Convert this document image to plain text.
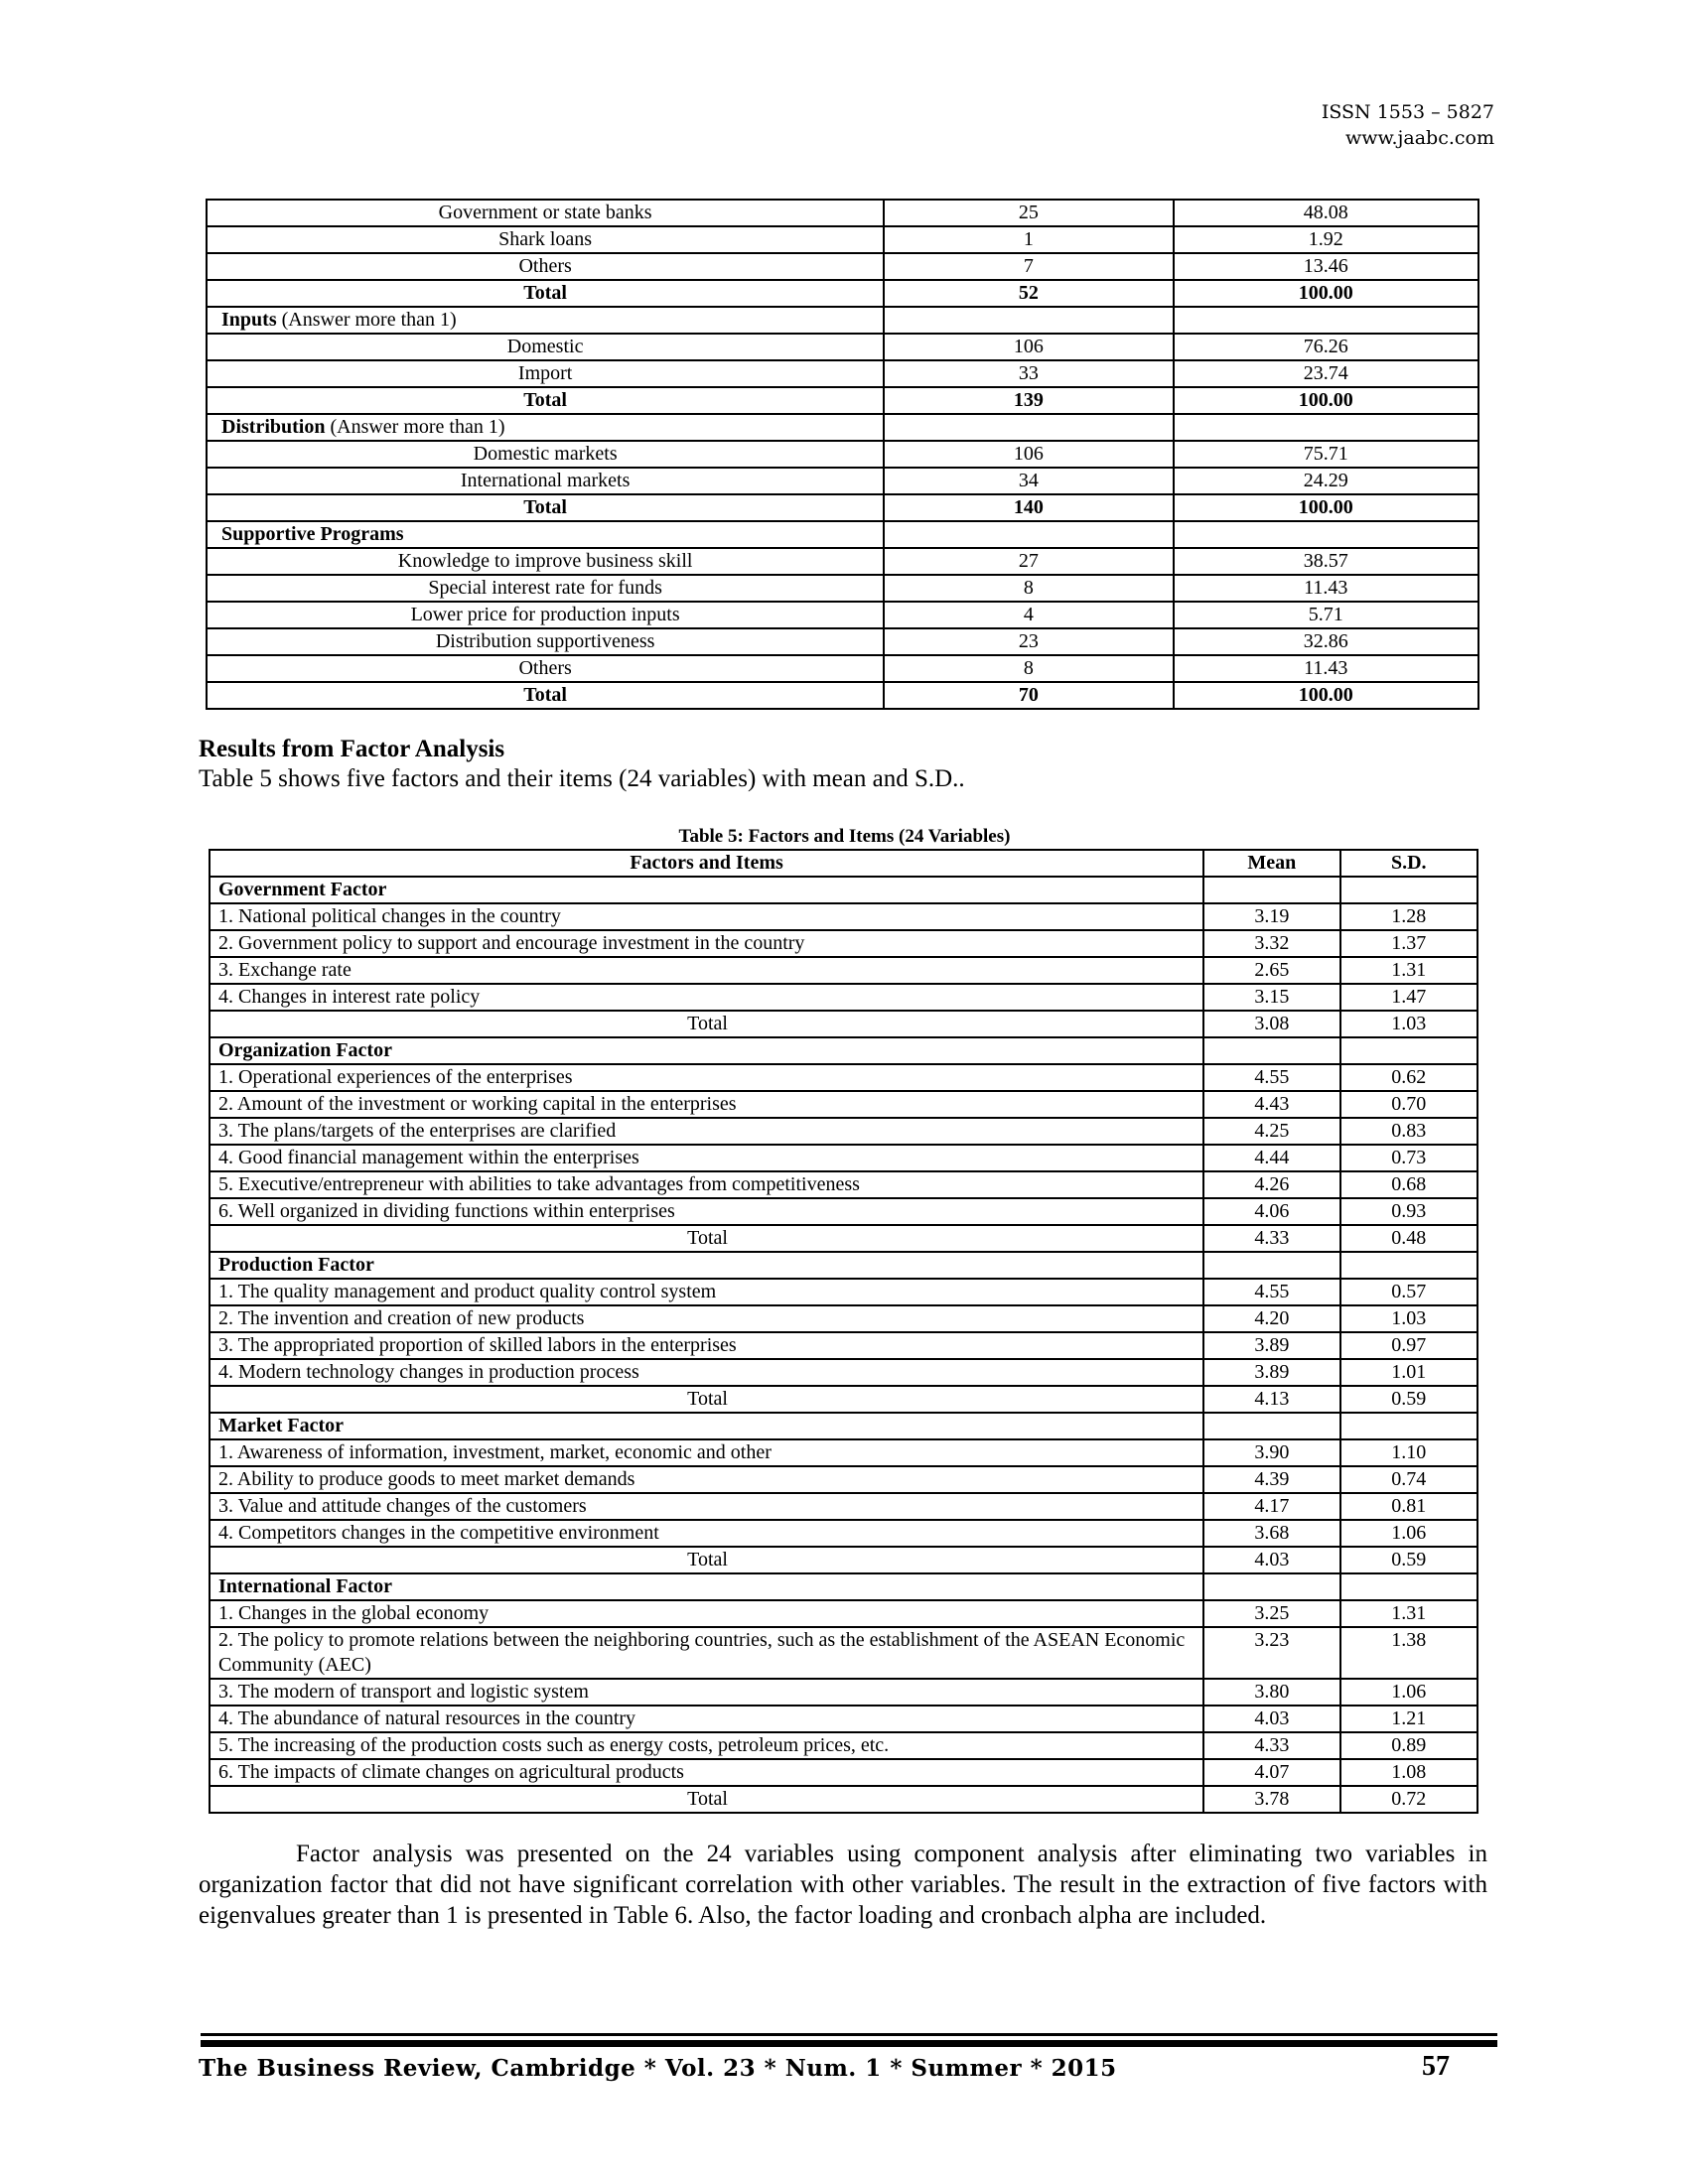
ISSN 1553 – 5827
www.jaabc.com
Government or state banks	25	48.08
Shark loans	1	1.92
Others	7	13.46
Total	52	100.00
Inputs (Answer more than 1)		
Domestic	106	76.26
Import	33	23.74
Total	139	100.00
Distribution (Answer more than 1)		
Domestic markets	106	75.71
International markets	34	24.29
Total	140	100.00
Supportive Programs		
Knowledge to improve business skill	27	38.57
Special interest rate for funds	8	11.43
Lower price for production inputs	4	5.71
Distribution supportiveness	23	32.86
Others	8	11.43
Total	70	100.00
Results from Factor Analysis
Table 5 shows five factors and their items (24 variables) with mean and S.D..
Table 5: Factors and Items (24 Variables)
Factors and Items	Mean	S.D.
Government Factor		
1. National political changes in the country	3.19	1.28
2. Government policy to support and encourage investment in the country	3.32	1.37
3. Exchange rate	2.65	1.31
4. Changes in interest rate policy	3.15	1.47
Total	3.08	1.03
Organization Factor		
1. Operational experiences of the enterprises	4.55	0.62
2. Amount of the investment or working capital in the enterprises	4.43	0.70
3. The plans/targets of the enterprises are clarified	4.25	0.83
4. Good financial management within the enterprises	4.44	0.73
5. Executive/entrepreneur with abilities to take advantages from competitiveness	4.26	0.68
6. Well organized in dividing functions within enterprises	4.06	0.93
Total	4.33	0.48
Production Factor		
1. The quality management and product quality control system	4.55	0.57
2. The invention and creation of new products	4.20	1.03
3. The appropriated proportion of skilled labors in the enterprises	3.89	0.97
4. Modern technology changes in production process	3.89	1.01
Total	4.13	0.59
Market Factor		
1. Awareness of information, investment, market, economic and other	3.90	1.10
2. Ability to produce goods to meet market demands	4.39	0.74
3. Value and attitude changes of the customers	4.17	0.81
4. Competitors changes in the competitive environment	3.68	1.06
Total	4.03	0.59
International Factor		
1. Changes in the global economy	3.25	1.31
2. The policy to promote relations between the neighboring countries, such as the establishment of the ASEAN Economic Community (AEC)	3.23	1.38
3. The modern of transport and logistic system	3.80	1.06
4. The abundance of natural resources in the country	4.03	1.21
5. The increasing of the production costs such as energy costs, petroleum prices, etc.	4.33	0.89
6. The impacts of climate changes on agricultural products	4.07	1.08
Total	3.78	0.72
Factor analysis was presented on the 24 variables using component analysis after eliminating two variables in organization factor that did not have significant correlation with other variables. The result in the extraction of five factors with eigenvalues greater than 1 is presented in Table 6. Also, the factor loading and cronbach alpha are included.
The Business Review, Cambridge * Vol. 23 * Num. 1 * Summer * 2015	57
